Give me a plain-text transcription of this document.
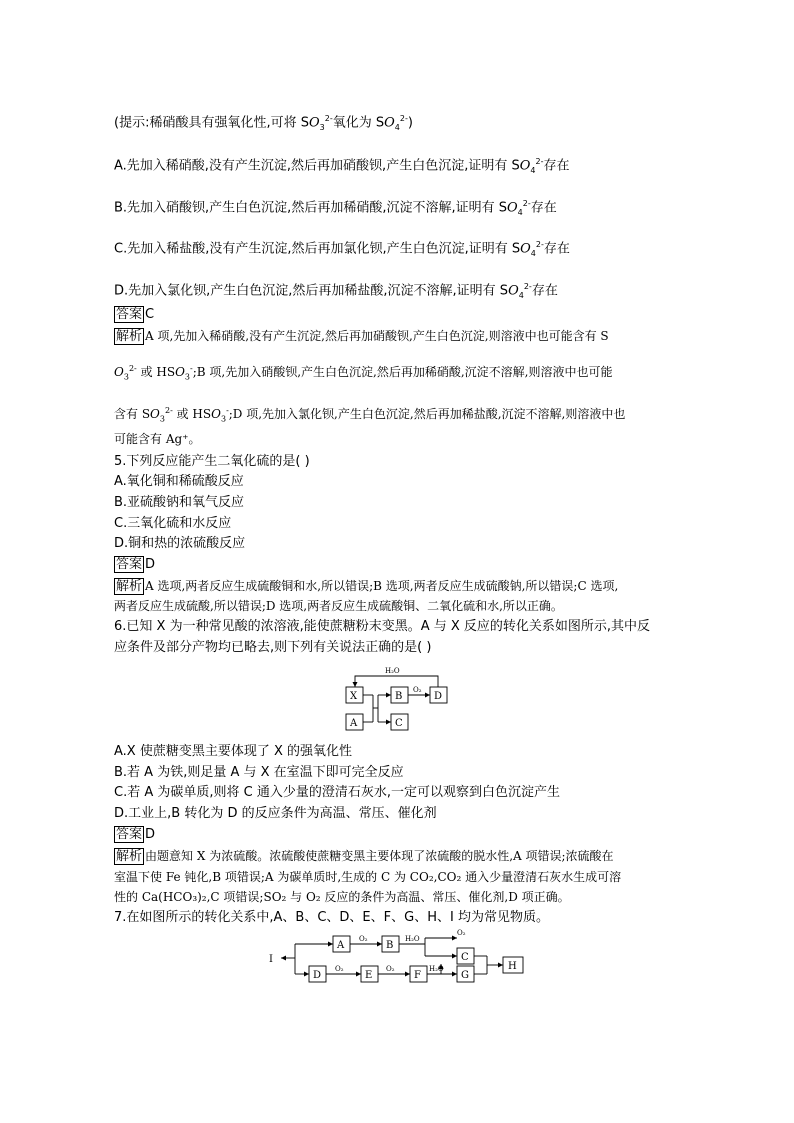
(提示:稀硝酸具有强氧化性,可将 $SO_3^{2-}$氧化为 $SO_4^{2-}$)
A.先加入稀硝酸,没有产生沉淀,然后再加硝酸钡,产生白色沉淀,证明有 $SO_4^{2-}$存在
B.先加入硝酸钡,产生白色沉淀,然后再加稀硝酸,沉淀不溶解,证明有 $SO_4^{2-}$存在
C.先加入稀盐酸,没有产生沉淀,然后再加氯化钡,产生白色沉淀,证明有 $SO_4^{2-}$存在
D.先加入氯化钡,产生白色沉淀,然后再加稀盐酸,沉淀不溶解,证明有 $SO_4^{2-}$存在
答案 C
解析 A 项,先加入稀硝酸,没有产生沉淀,然后再加硝酸钡,产生白色沉淀,则溶液中也可能含有 S
$O_3^{2-}$ 或 $HSO_3^-;B$ 项,先加入硝酸钡,产生白色沉淀,然后再加稀硝酸,沉淀不溶解,则溶液中也可能
含有 $SO_3^{2-}$ 或 $HSO_3^-;D$ 项,先加入氯化钡,产生白色沉淀,然后再加稀盐酸,沉淀不溶解,则溶液中也
可能含有 Ag⁺。
5.下列反应能产生二氧化硫的是( )
A.氧化铜和稀硫酸反应
B.亚硫酸钠和氧气反应
C.三氧化硫和水反应
D.铜和热的浓硫酸反应
答案 D
解析 A 选项,两者反应生成硫酸铜和水,所以错误;B 选项,两者反应生成硫酸钠,所以错误;C 选项,
两者反应生成硫酸,所以错误;D 选项,两者反应生成硫酸铜、二氧化硫和水,所以正确。
6.已知 X 为一种常见酸的浓溶液,能使蔗糖粉末变黑。A 与 X 反应的转化关系如图所示,其中反
应条件及部分产物均已略去,则下列有关说法正确的是( )
H₂O
O₂
X
A
B	D
C
A.X 使蔗糖变黑主要体现了 X 的强氧化性
B.若 A 为铁,则足量 A 与 X 在室温下即可完全反应
C.若 A 为碳单质,则将 C 通入少量的澄清石灰水,一定可以观察到白色沉淀产生
D.工业上,B 转化为 D 的反应条件为高温、常压、催化剂
答案 D
解析 由题意知 X 为浓硫酸。浓硫酸使蔗糖变黑主要体现了浓硫酸的脱水性,A 项错误;浓硫酸在
室温下使 Fe 钝化,B 项错误;A 为碳单质时,生成的 C 为 CO₂,CO₂ 通入少量澄清石灰水生成可溶
性的 Ca(HCO₃)₂,C 项错误;SO₂ 与 O₂ 反应的条件为高温、常压、催化剂,D 项正确。
7.在如图所示的转化关系中,A、B、C、D、E、F、G、H、I 均为常见物质。
I
A	B
C
D	E	F	G
H
O₂	H₂O
O₂
O₂	O₂	H₂O
